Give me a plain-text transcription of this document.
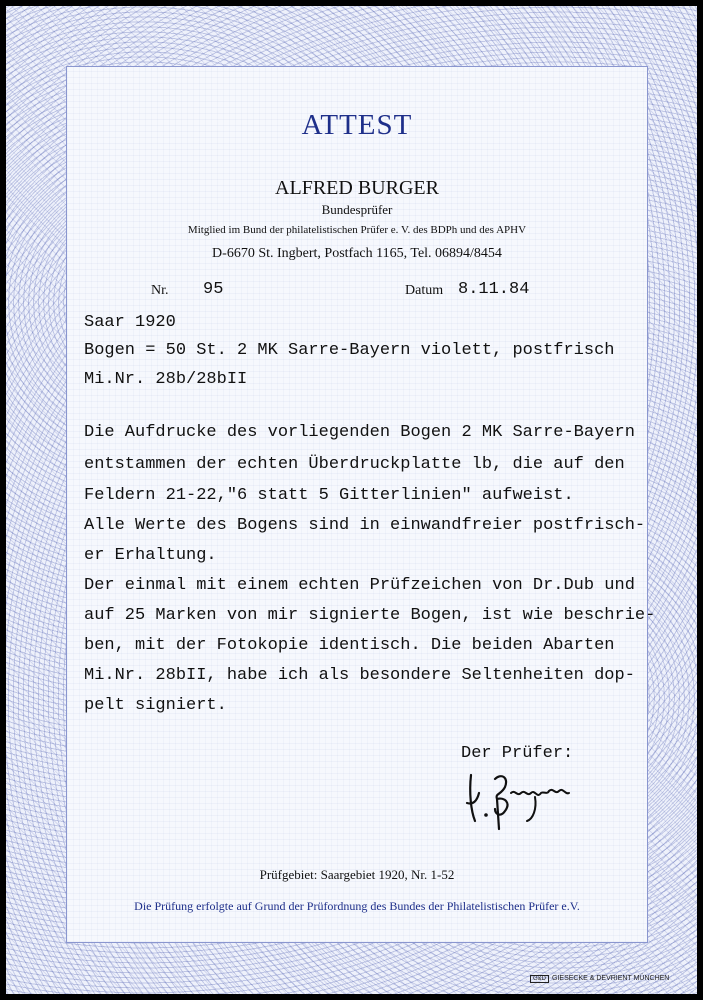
ATTEST
ALFRED BURGER
Bundesprüfer
Mitglied im Bund der philatelistischen Prüfer e. V. des BDPh und des APHV
D-6670 St. Ingbert, Postfach 1165, Tel. 06894/8454
Nr. 95	Datum 8.11.84
Saar 1920
Bogen = 50 St. 2 MK Sarre-Bayern violett, postfrisch
Mi.Nr. 28b/28bII
Die Aufdrucke des vorliegenden Bogen 2 MK Sarre-Bayern
entstammen der echten Überdruckplatte lb, die auf den
Feldern 21-22,"6 statt 5 Gitterlinien" aufweist.
Alle Werte des Bogens sind in einwandfreier postfrisch-
er Erhaltung.
Der einmal mit einem echten Prüfzeichen von Dr.Dub und
auf 25 Marken von mir signierte Bogen, ist wie beschrie-
ben, mit der Fotokopie identisch. Die beiden Abarten
Mi.Nr. 28bII, habe ich als besondere Seltenheiten dop-
pelt signiert.
Der Prüfer:
Prüfgebiet: Saargebiet 1920, Nr. 1-52
Die Prüfung erfolgte auf Grund der Prüfordnung des Bundes der Philatelistischen Prüfer e.V.
G&D GIESECKE & DEVRIENT MÜNCHEN
